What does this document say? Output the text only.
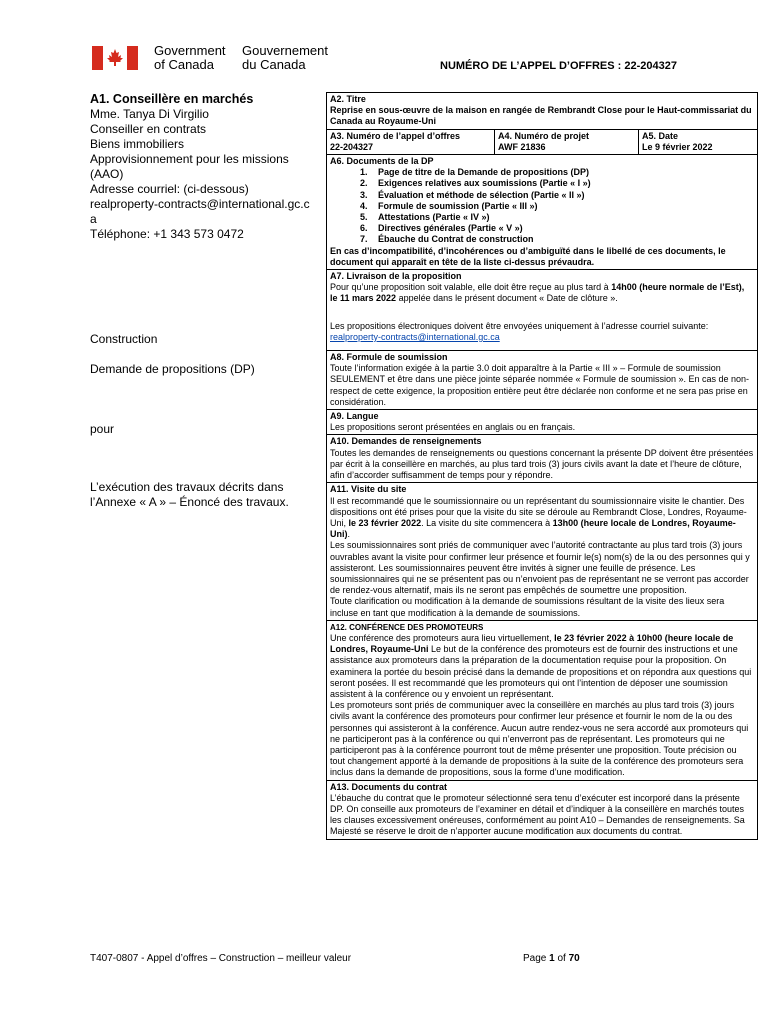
Government
of Canada
Gouvernement
du Canada	NUMÉRO DE L’APPEL D’OFFRES : 22-204327
A1. Conseillère en marchés
Mme. Tanya Di Virgilio
Conseiller en contrats
Biens immobiliers
Approvisionnement pour les missions (AAO)
Adresse courriel: (ci-dessous)
realproperty-contracts@international.gc.ca
Téléphone: +1 343 573 0472
Construction
Demande de propositions (DP)
pour
L’exécution des travaux décrits dans l’Annexe « A » – Énoncé des travaux.
A2. Titre
Reprise en sous-œuvre de la maison en rangée de Rembrandt Close pour le Haut-commissariat du Canada au Royaume-Uni
A3. Numéro de l’appel d’offres
22-204327
A4. Numéro de projet
AWF 21836
A5. Date
Le 9 février 2022
A6. Documents de la DP
1. Page de titre de la Demande de propositions (DP)
2. Exigences relatives aux soumissions (Partie « I »)
3. Évaluation et méthode de sélection (Partie « II »)
4. Formule de soumission (Partie « III »)
5. Attestations (Partie « IV »)
6. Directives générales (Partie « V »)
7. Ébauche du Contrat de construction
En cas d’incompatibilité, d’incohérences ou d’ambiguïté dans le libellé de ces documents, le document qui apparaît en tête de la liste ci-dessus prévaudra.
A7. Livraison de la proposition
Pour qu’une proposition soit valable, elle doit être reçue au plus tard à 14h00 (heure normale de l’Est), le 11 mars 2022 appelée dans le présent document « Date de clôture ».
Les propositions électroniques doivent être envoyées uniquement à l’adresse courriel suivante:
realproperty-contracts@international.gc.ca
A8. Formule de soumission
Toute l’information exigée à la partie 3.0 doit apparaître à la Partie « III » – Formule de soumission SEULEMENT et être dans une pièce jointe séparée nommée « Formule de soumission ». En cas de non-respect de cette exigence, la proposition entière peut être déclarée non conforme et ne sera pas prise en considération.
A9. Langue
Les propositions seront présentées en anglais ou en français.
A10. Demandes de renseignements
Toutes les demandes de renseignements ou questions concernant la présente DP doivent être présentées par écrit à la conseillère en marchés, au plus tard trois (3) jours civils avant la date et l’heure de clôture, afin d’accorder suffisamment de temps pour y répondre.
A11. Visite du site
Il est recommandé que le soumissionnaire ou un représentant du soumissionnaire visite le chantier. Des dispositions ont été prises pour que la visite du site se déroule au Rembrandt Close, Londres, Royaume-Uni, le 23 février 2022. La visite du site commencera à 13h00 (heure locale de Londres, Royaume-Uni).
Les soumissionnaires sont priés de communiquer avec l’autorité contractante au plus tard trois (3) jours ouvrables avant la visite pour confirmer leur présence et fournir le(s) nom(s) de la ou des personnes qui y assisteront. Les soumissionnaires peuvent être invités à signer une feuille de présence. Les soumissionnaires qui ne se présentent pas ou n’envoient pas de représentant ne se verront pas accorder de rendez-vous alternatif, mais ils ne seront pas empêchés de soumettre une proposition.
Toute clarification ou modification à la demande de soumissions résultant de la visite des lieux sera incluse en tant que modification à la demande de soumissions.
A12. CONFÉRENCE DES PROMOTEURS
Une conférence des promoteurs aura lieu virtuellement, le 23 février 2022 à 10h00 (heure locale de Londres, Royaume-Uni Le but de la conférence des promoteurs est de fournir des instructions et une assistance aux promoteurs dans la préparation de la documentation requise pour la proposition. On examinera la portée du besoin précisé dans la demande de propositions et on répondra aux questions qui seront posées. Il est recommandé que les promoteurs qui ont l’intention de déposer une soumission assistent à la conférence ou y envoient un représentant.
Les promoteurs sont priés de communiquer avec la conseillère en marchés au plus tard trois (3) jours civils avant la conférence des promoteurs pour confirmer leur présence et fournir le nom de la ou des personnes qui assisteront à la conférence. Aucun autre rendez-vous ne sera accordé aux promoteurs qui ne participeront pas à la conférence ou qui n’enverront pas de représentant. Les promoteurs qui ne participeront pas à la conférence pourront tout de même présenter une proposition. Toute précision ou tout changement apporté à la demande de propositions à la suite de la conférence des promoteurs sera inclus dans la demande de propositions, sous la forme d’une modification.
A13. Documents du contrat
L’ébauche du contrat que le promoteur sélectionné sera tenu d’exécuter est incorporé dans la présente DP. On conseille aux promoteurs de l’examiner en détail et d’indiquer à la conseillère en marchés toutes les clauses excessivement onéreuses, conformément au point A10 – Demandes de renseignements. Sa Majesté se réserve le droit de n’apporter aucune modification aux documents du contrat.
T407-0807 - Appel d’offres – Construction – meilleur valeur	Page 1 of 70
